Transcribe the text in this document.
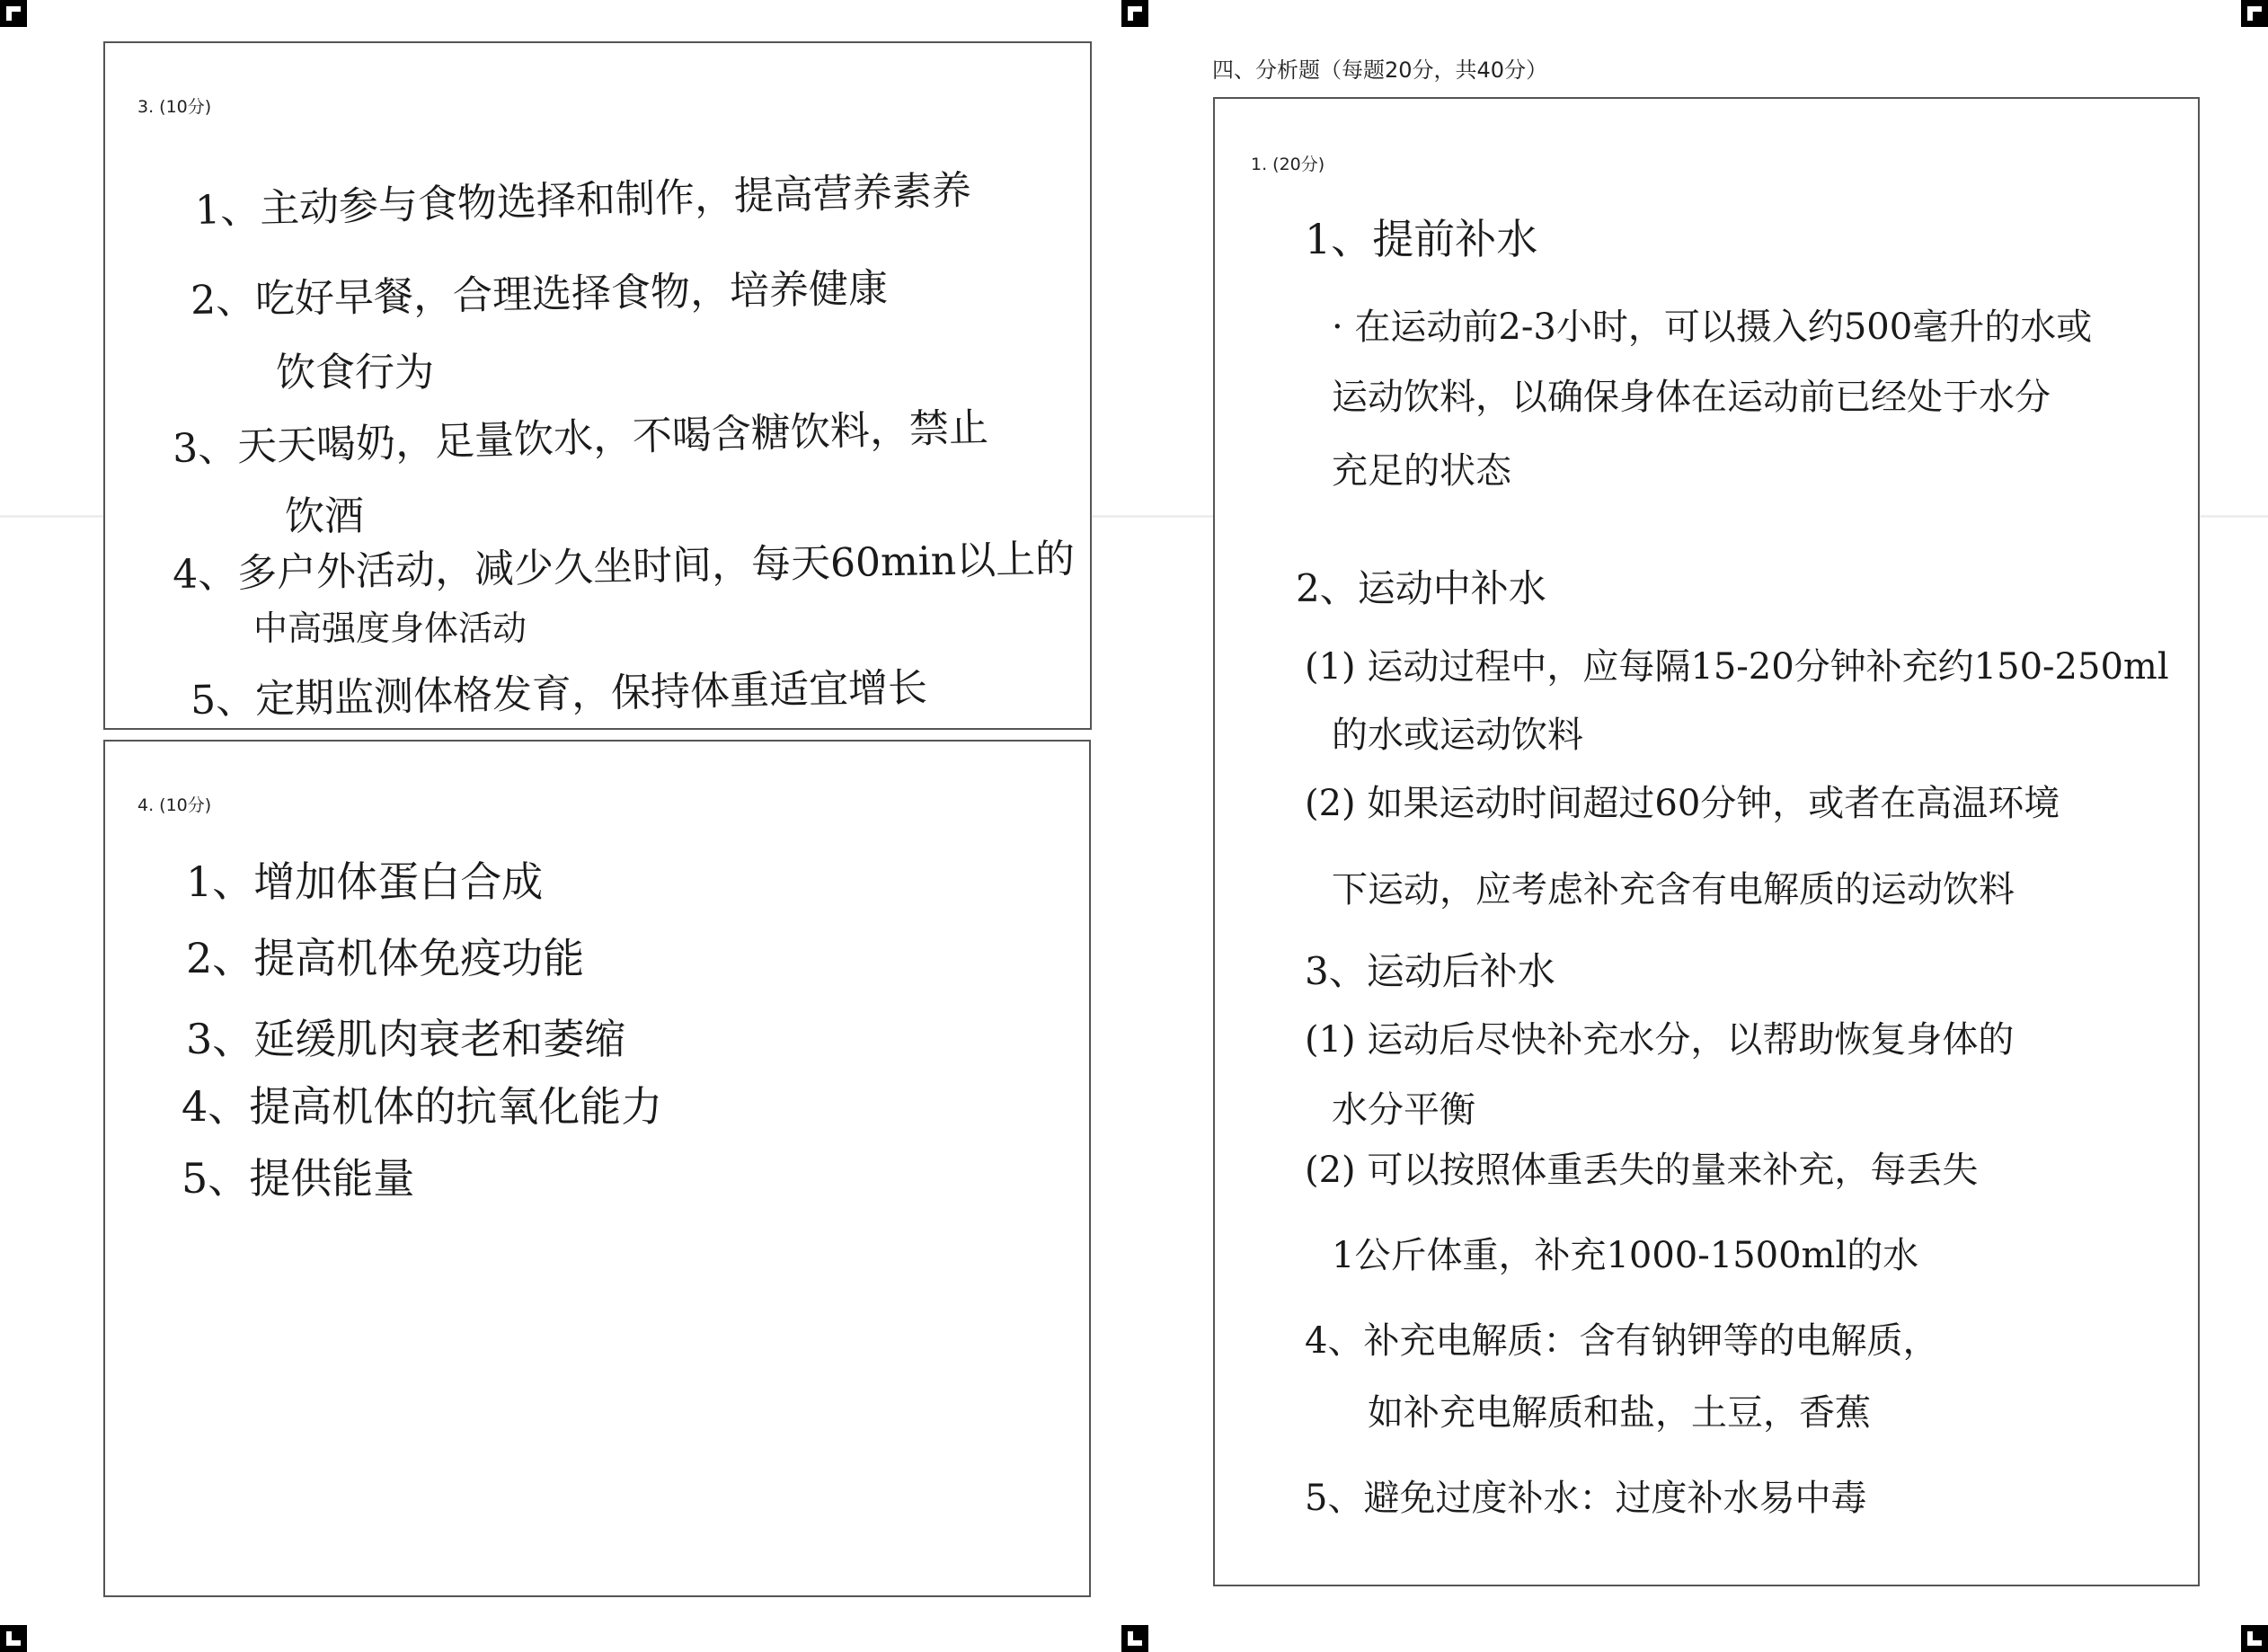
3. (10分)
1、主动参与食物选择和制作，提高营养素养
2、吃好早餐，合理选择食物，培养健康
饮食行为
3、天天喝奶，足量饮水，不喝含糖饮料，禁止
饮酒
4、多户外活动，减少久坐时间，每天60min以上的
中高强度身体活动
5、定期监测体格发育，保持体重适宜增长
4. (10分)
1、增加体蛋白合成
2、提高机体免疫功能
3、延缓肌肉衰老和萎缩
4、提高机体的抗氧化能力
5、提供能量
四、分析题（每题20分，共40分）
1. (20分)
1、提前补水
· 在运动前2-3小时，可以摄入约500毫升的水或
运动饮料，以确保身体在运动前已经处于水分
充足的状态
2、运动中补水
(1) 运动过程中，应每隔15-20分钟补充约150-250ml
的水或运动饮料
(2) 如果运动时间超过60分钟，或者在高温环境
下运动，应考虑补充含有电解质的运动饮料
3、运动后补水
(1) 运动后尽快补充水分，以帮助恢复身体的
水分平衡
(2) 可以按照体重丢失的量来补充，每丢失
1公斤体重，补充1000-1500ml的水
4、补充电解质：含有钠钾等的电解质，
如补充电解质和盐，土豆，香蕉
5、避免过度补水：过度补水易中毒
